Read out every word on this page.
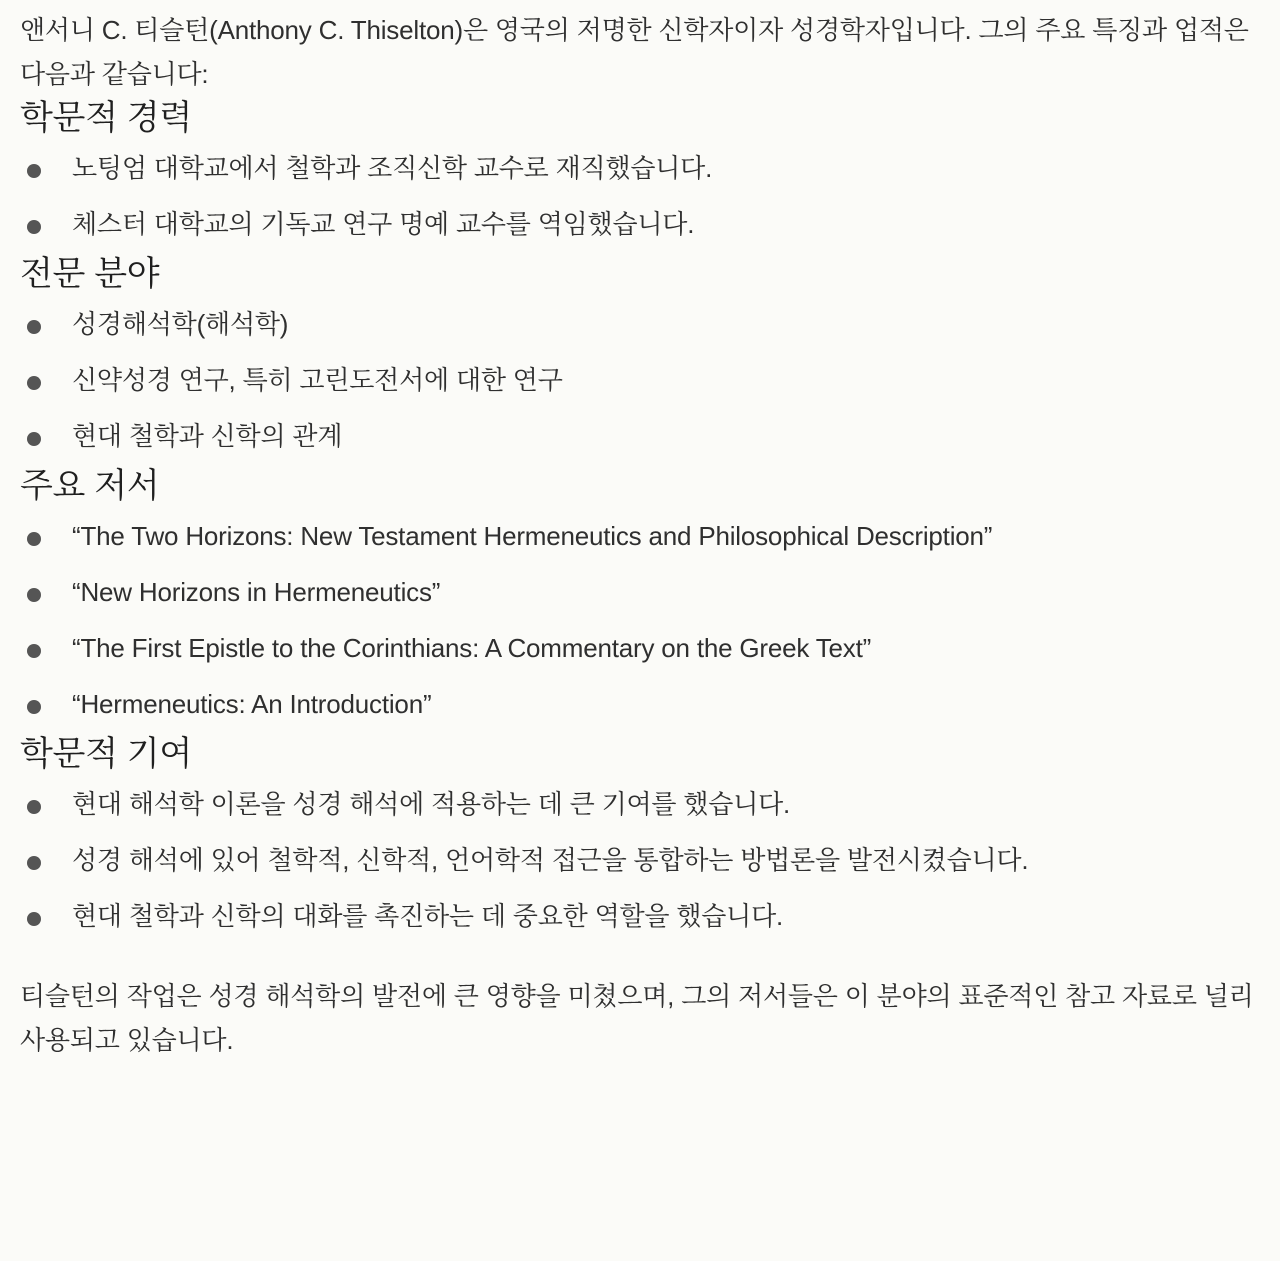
앤서니 C. 티슬턴(Anthony C. Thiselton)은 영국의 저명한 신학자이자 성경학자입니다. 그의 주요 특징과 업적은 다음과 같습니다:

학문적 경력
노팅엄 대학교에서 철학과 조직신학 교수로 재직했습니다.
체스터 대학교의 기독교 연구 명예 교수를 역임했습니다.
전문 분야
성경해석학(해석학)
신약성경 연구, 특히 고린도전서에 대한 연구
현대 철학과 신학의 관계
주요 저서
“The Two Horizons: New Testament Hermeneutics and Philosophical Description”
“New Horizons in Hermeneutics”
“The First Epistle to the Corinthians: A Commentary on the Greek Text”
“Hermeneutics: An Introduction”
학문적 기여
현대 해석학 이론을 성경 해석에 적용하는 데 큰 기여를 했습니다.
성경 해석에 있어 철학적, 신학적, 언어학적 접근을 통합하는 방법론을 발전시켰습니다.
현대 철학과 신학의 대화를 촉진하는 데 중요한 역할을 했습니다.

티슬턴의 작업은 성경 해석학의 발전에 큰 영향을 미쳤으며, 그의 저서들은 이 분야의 표준적인 참고 자료로 널리 사용되고 있습니다.
